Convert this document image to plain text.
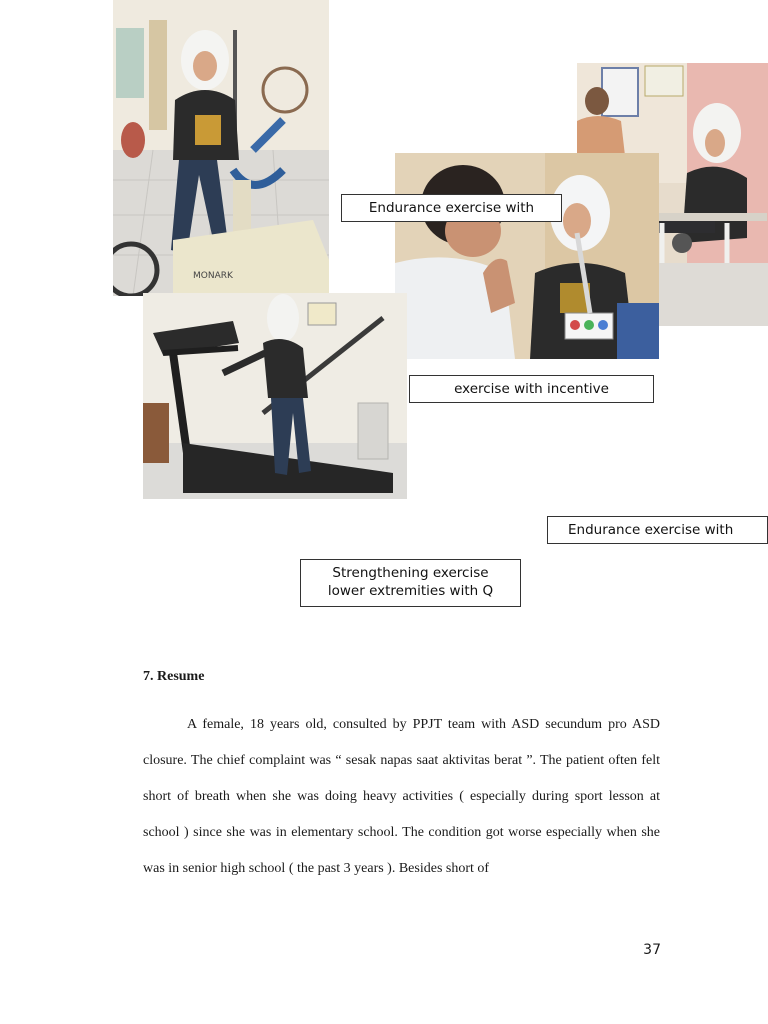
MONARK
Endurance exercise with
exercise with incentive
Endurance exercise with
Strengthening exercise
lower extremities with Q
7. Resume

A female, 18 years old, consulted by PPJT team with ASD secundum pro ASD closure. The chief complaint was “ sesak napas saat aktivitas berat ”. The patient often felt short of breath when she was doing heavy activities ( especially during sport lesson at school ) since she was in elementary school. The condition got worse especially when she was in senior high school ( the past 3 years ). Besides short of

37
